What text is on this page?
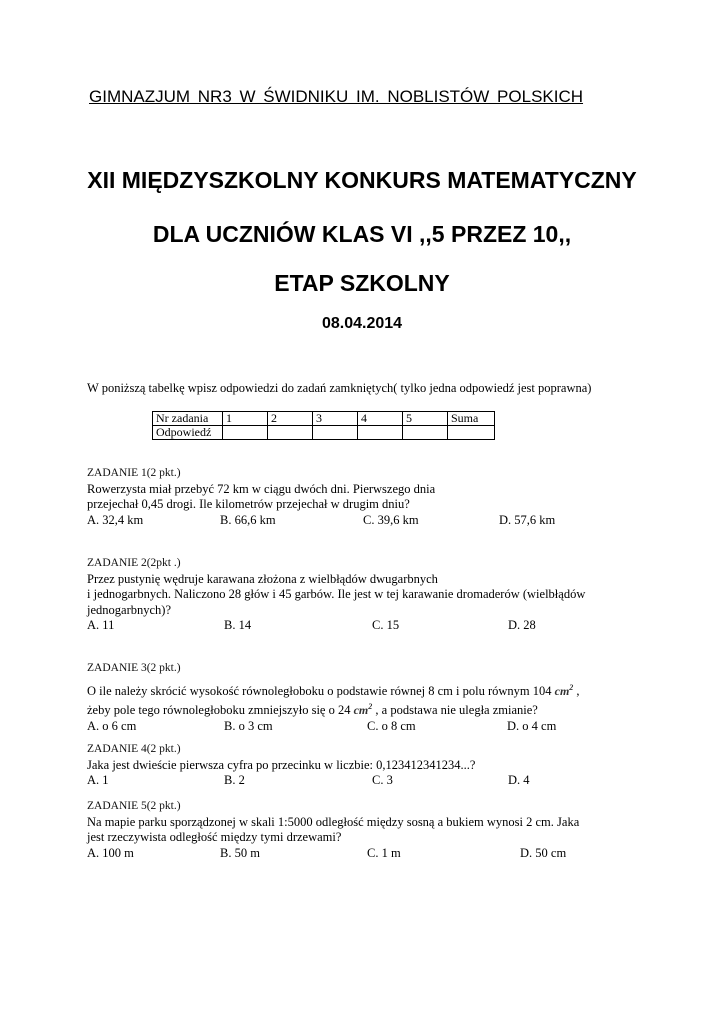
GIMNAZJUM NR3 W ŚWIDNIKU IM. NOBLISTÓW POLSKICH
XII MIĘDZYSZKOLNY KONKURS MATEMATYCZNY
DLA UCZNIÓW KLAS VI ,,5 PRZEZ 10,,
ETAP SZKOLNY
08.04.2014
W poniższą tabelkę wpisz odpowiedzi do zadań zamkniętych( tylko jedna odpowiedź jest poprawna)
Nr zadania	1	2	3	4	5	Suma
Odpowiedź						
ZADANIE 1(2 pkt.)
Rowerzysta miał przebyć 72 km w ciągu dwóch dni. Pierwszego dnia
przejechał 0,45 drogi. Ile kilometrów przejechał w drugim dniu?
A. 32,4 km	B. 66,6 km	C. 39,6 km	D. 57,6 km
ZADANIE 2(2pkt .)
Przez pustynię wędruje karawana złożona z wielbłądów dwugarbnych
i jednogarbnych. Naliczono 28 głów i 45 garbów. Ile jest w tej karawanie dromaderów (wielbłądów
jednogarbnych)?
A. 11	B. 14	C. 15	D. 28
ZADANIE 3(2 pkt.)
O ile należy skrócić wysokość równoległoboku o podstawie równej 8 cm i polu równym 104 $cm^2$ ,
żeby pole tego równoległoboku zmniejszyło się o 24 $cm^2$ , a podstawa nie uległa zmianie?
A. o 6 cm	B. o 3 cm	C. o 8 cm	D. o 4 cm
ZADANIE 4(2 pkt.)
Jaka jest dwieście pierwsza cyfra po przecinku w liczbie: 0,123412341234...?
A. 1	B. 2	C. 3	D. 4
ZADANIE 5(2 pkt.)
Na mapie parku sporządzonej w skali 1:5000 odległość między sosną a bukiem wynosi 2 cm. Jaka
jest rzeczywista odległość między tymi drzewami?
A. 100 m	B. 50 m	C. 1 m	D. 50 cm
